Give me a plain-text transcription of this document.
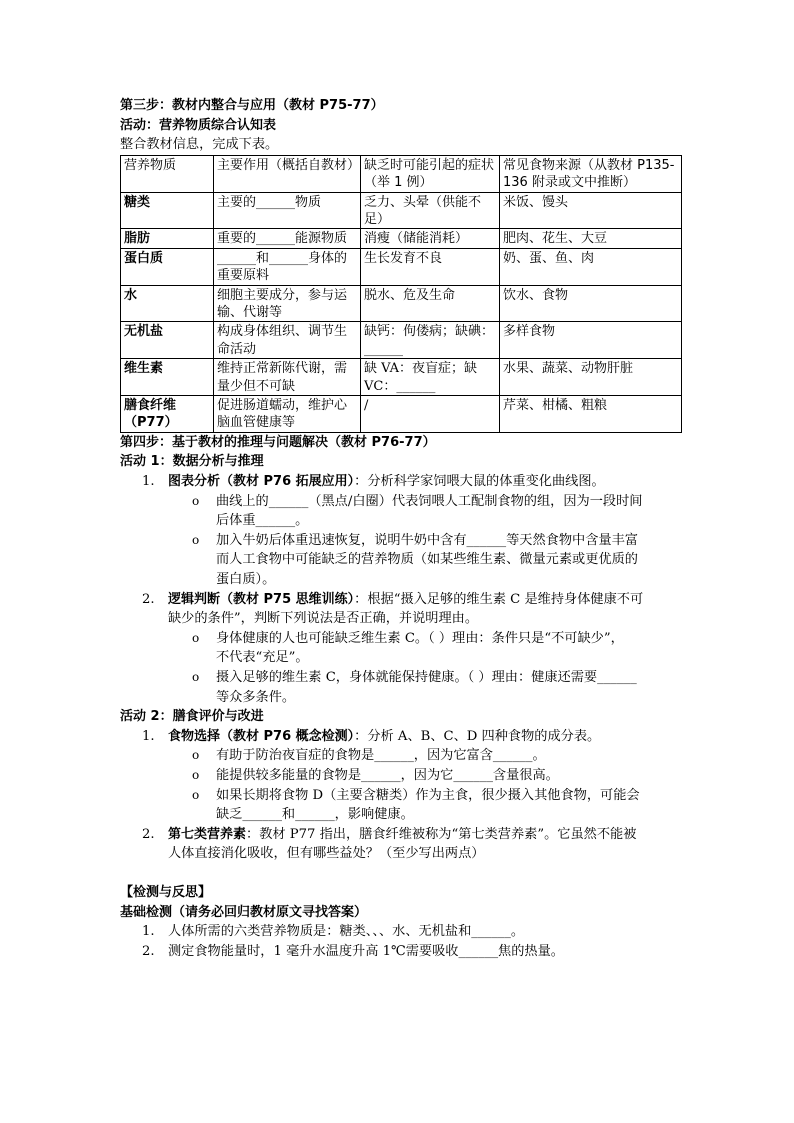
第三步：教材内整合与应用（教材 P75-77）
活动：营养物质综合认知表
整合教材信息，完成下表。
营养物质	主要作用（概括自教材）	缺乏时可能引起的症状（举 1 例）	常见食物来源（从教材 P135-136 附录或文中推断）
糖类	主要的______物质	乏力、头晕（供能不足）	米饭、馒头
脂肪	重要的______能源物质	消瘦（储能消耗）	肥肉、花生、大豆
蛋白质	______和______身体的重要原料	生长发育不良	奶、蛋、鱼、肉
水	细胞主要成分，参与运输、代谢等	脱水、危及生命	饮水、食物
无机盐	构成身体组织、调节生命活动	缺钙：佝偻病；缺碘：______	多样食物
维生素	维持正常新陈代谢，需量少但不可缺	缺 VA：夜盲症；缺 VC：______	水果、蔬菜、动物肝脏
膳食纤维（P77）	促进肠道蠕动，维护心脑血管健康等	/	芹菜、柑橘、粗粮
第四步：基于教材的推理与问题解决（教材 P76-77）
活动 1：数据分析与推理
1. 图表分析（教材 P76 拓展应用）：分析科学家饲喂大鼠的体重变化曲线图。
o 曲线上的______（黑点/白圈）代表饲喂人工配制食物的组，因为一段时间
后体重______。
o 加入牛奶后体重迅速恢复，说明牛奶中含有______等天然食物中含量丰富
而人工食物中可能缺乏的营养物质（如某些维生素、微量元素或更优质的
蛋白质）。
2. 逻辑判断（教材 P75 思维训练）：根据“摄入足够的维生素 C 是维持身体健康不可
缺少的条件”，判断下列说法是否正确，并说明理由。
o 身体健康的人也可能缺乏维生素 C。（ ）理由：条件只是“不可缺少”，
不代表“充足”。
o 摄入足够的维生素 C，身体就能保持健康。（ ）理由：健康还需要______
等众多条件。
活动 2：膳食评价与改进
1. 食物选择（教材 P76 概念检测）：分析 A、B、C、D 四种食物的成分表。
o 有助于防治夜盲症的食物是______，因为它富含______。
o 能提供较多能量的食物是______，因为它______含量很高。
o 如果长期将食物 D（主要含糖类）作为主食，很少摄入其他食物，可能会
缺乏______和______，影响健康。
2. 第七类营养素：教材 P77 指出，膳食纤维被称为“第七类营养素”。它虽然不能被
人体直接消化吸收，但有哪些益处？（至少写出两点）
【检测与反思】
基础检测（请务必回归教材原文寻找答案）
1. 人体所需的六类营养物质是：糖类、、、水、无机盐和______。
2. 测定食物能量时，1 毫升水温度升高 1℃需要吸收______焦的热量。
